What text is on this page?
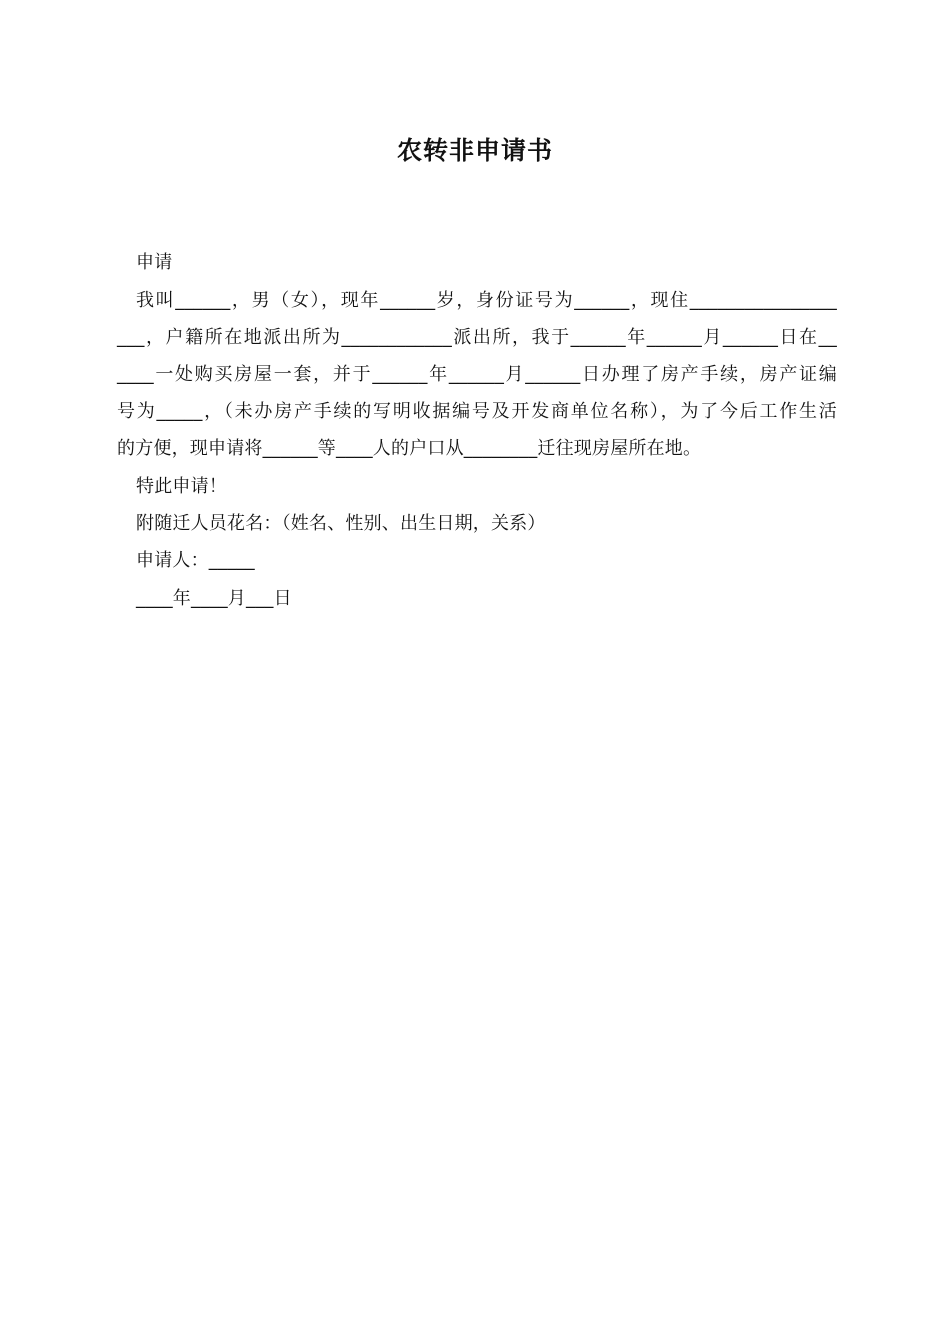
农转非申请书
申请
我叫______，男（女），现年______岁，身份证号为______，现住________________
___，户籍所在地派出所为____________派出所，我于______年______月______日在__
____一处购买房屋一套，并于______年______月______日办理了房产手续，房产证编
号为_____，（未办房产手续的写明收据编号及开发商单位名称），为了今后工作生活
的方便，现申请将______等____人的户口从________迁往现房屋所在地。
特此申请！
附随迁人员花名：（姓名、性别、出生日期，关系）
申请人：_____
____年____月___日
